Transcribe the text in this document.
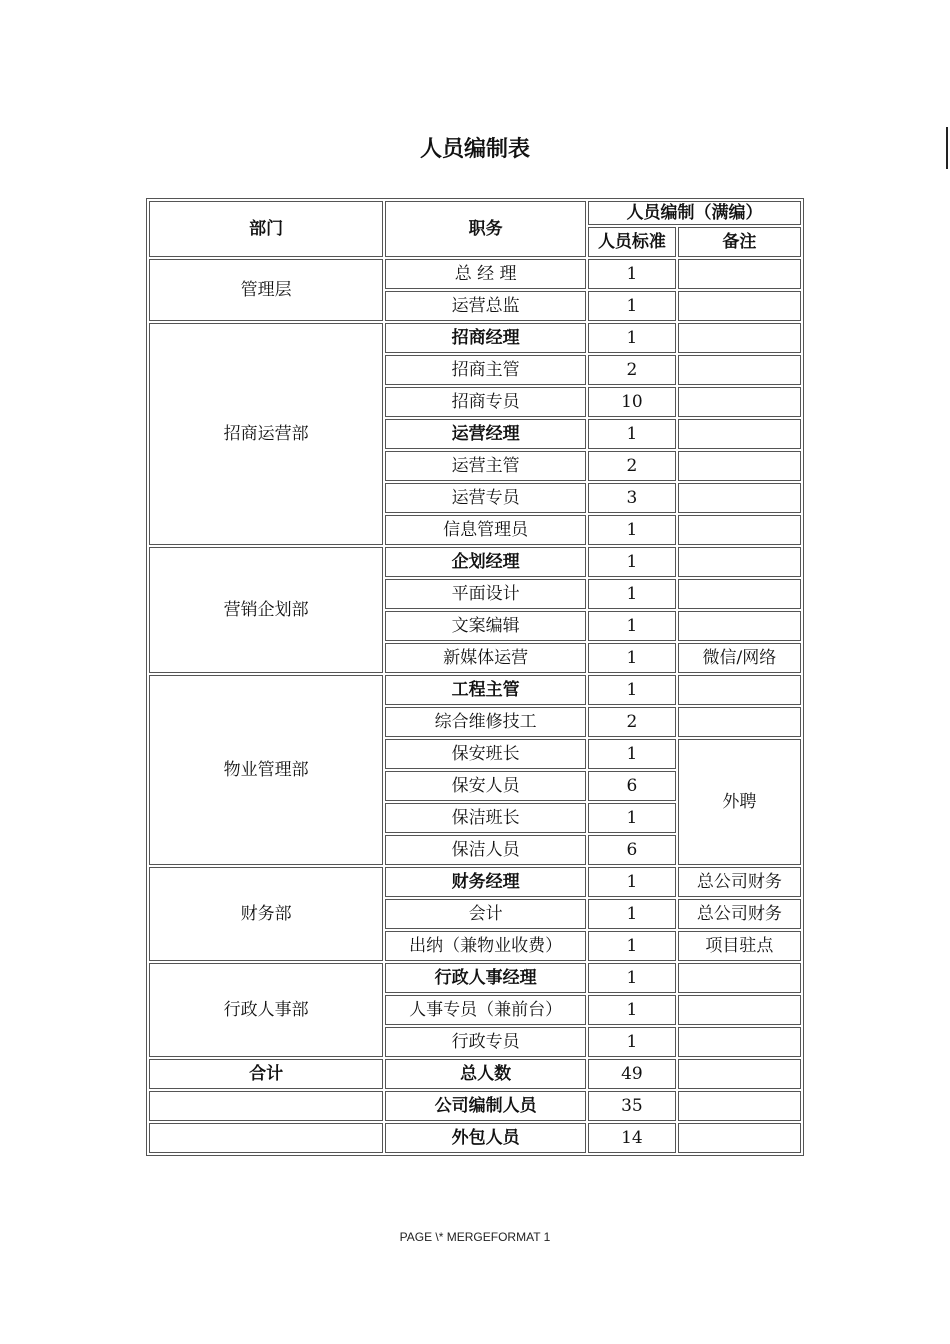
人员编制表
部门	职务	人员编制（满编）	
		人员标准	备注
管理层	总 经 理	1	
	运营总监	1	
招商运营部	招商经理	1	
	招商主管	2	
	招商专员	10	
	运营经理	1	
	运营主管	2	
	运营专员	3	
	信息管理员	1	
营销企划部	企划经理	1	
	平面设计	1	
	文案编辑	1	
	新媒体运营	1	微信/网络
物业管理部	工程主管	1	
	综合维修技工	2	
	保安班长	1	外聘
	保安人员	6	
	保洁班长	1	
	保洁人员	6	
财务部	财务经理	1	总公司财务
	会计	1	总公司财务
	出纳（兼物业收费）	1	项目驻点
行政人事部	行政人事经理	1	
	人事专员（兼前台）	1	
	行政专员	1	
合计	总人数	49	
	公司编制人员	35	
	外包人员	14	
PAGE \* MERGEFORMAT 1
